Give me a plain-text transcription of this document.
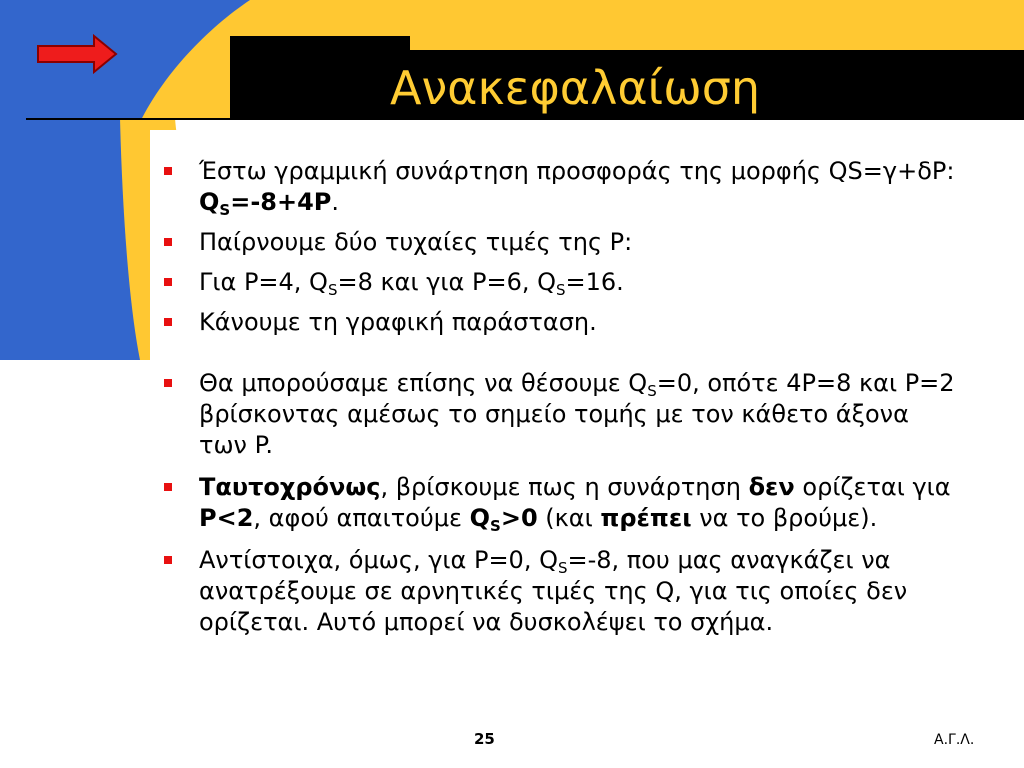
Ανακεφαλαίωση
Έστω γραμμική συνάρτηση προσφοράς της μορφής QS=γ+δP: $Q_S=-8+4P$.
Παίρνουμε δύο τυχαίες τιμές της P:
Για P=4, $Q_S=8$ και για P=6, $Q_S=16$.
Κάνουμε τη γραφική παράσταση.
Θα μπορούσαμε επίσης να θέσουμε $Q_S=0$, οπότε 4P=8 και P=2 βρίσκοντας αμέσως το σημείο τομής με τον κάθετο άξονα των P.
Ταυτοχρόνως, βρίσκουμε πως η συνάρτηση δεν ορίζεται για P<2, αφού απαιτούμε $Q_S>0$ (και πρέπει να το βρούμε).
Αντίστοιχα, όμως, για P=0, $Q_S=-8$, που μας αναγκάζει να ανατρέξουμε σε αρνητικές τιμές της Q, για τις οποίες δεν ορίζεται. Αυτό μπορεί να δυσκολέψει το σχήμα.
25	Α.Γ.Λ.
